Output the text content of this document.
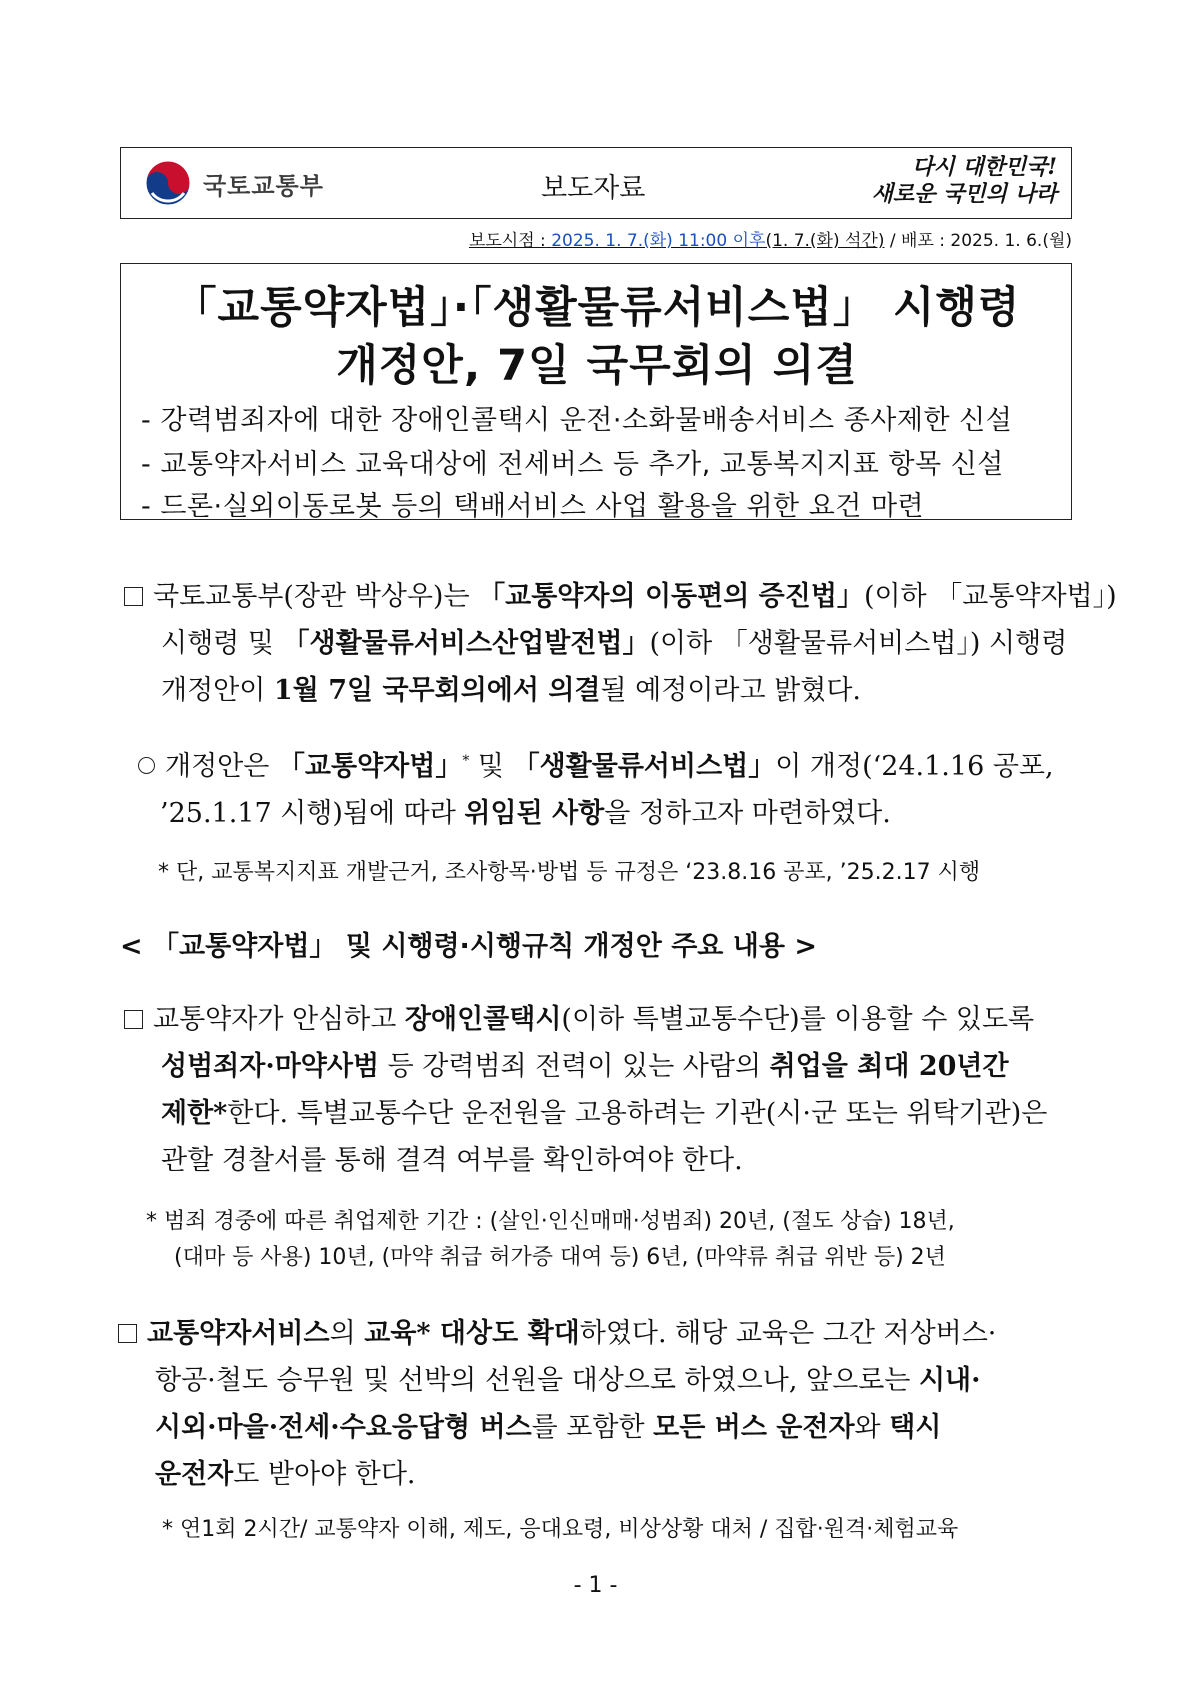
국토교통부	보도자료
다시 대한민국!
새로운 국민의 나라
보도시점 : 2025. 1. 7.(화) 11:00 이후(1. 7.(화) 석간) / 배포 : 2025. 1. 6.(월)
「교통약자법」·「생활물류서비스법」 시행령
개정안, 7일 국무회의 의결
- 강력범죄자에 대한 장애인콜택시 운전·소화물배송서비스 종사제한 신설
- 교통약자서비스 교육대상에 전세버스 등 추가, 교통복지지표 항목 신설
- 드론·실외이동로봇 등의 택배서비스 사업 활용을 위한 요건 마련
국토교통부(장관 박상우)는 「교통약자의 이동편의 증진법」(이하 「교통약자법」)
시행령 및 「생활물류서비스산업발전법」(이하 「생활물류서비스법」) 시행령
개정안이 1월 7일 국무회의에서 의결될 예정이라고 밝혔다.
개정안은 「교통약자법」* 및 「생활물류서비스법」이 개정(‘24.1.16 공포,
’25.1.17 시행)됨에 따라 위임된 사항을 정하고자 마련하였다.
* 단, 교통복지지표 개발근거, 조사항목·방법 등 규정은 ‘23.8.16 공포, ’25.2.17 시행
< 「교통약자법」 및 시행령·시행규칙 개정안 주요 내용 >
교통약자가 안심하고 장애인콜택시(이하 특별교통수단)를 이용할 수 있도록
성범죄자·마약사범 등 강력범죄 전력이 있는 사람의 취업을 최대 20년간
제한*한다. 특별교통수단 운전원을 고용하려는 기관(시·군 또는 위탁기관)은
관할 경찰서를 통해 결격 여부를 확인하여야 한다.
* 범죄 경중에 따른 취업제한 기간 : (살인·인신매매·성범죄) 20년, (절도 상습) 18년,
(대마 등 사용) 10년, (마약 취급 허가증 대여 등) 6년, (마약류 취급 위반 등) 2년
교통약자서비스의 교육* 대상도 확대하였다. 해당 교육은 그간 저상버스·
항공·철도 승무원 및 선박의 선원을 대상으로 하였으나, 앞으로는 시내·
시외·마을·전세·수요응답형 버스를 포함한 모든 버스 운전자와 택시
운전자도 받아야 한다.
* 연1회 2시간/ 교통약자 이해, 제도, 응대요령, 비상상황 대처 / 집합·원격·체험교육
- 1 -
